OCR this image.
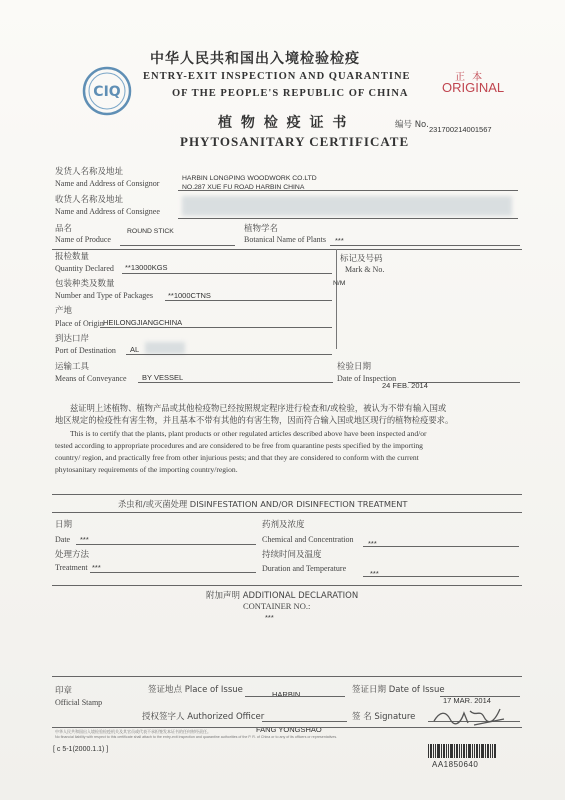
CIQ
中华人民共和国出入境检验检疫
ENTRY-EXIT INSPECTION AND QUARANTINE
OF THE PEOPLE'S REPUBLIC OF CHINA
正 本
ORIGINAL
植 物 检 疫 证 书
PHYTOSANITARY CERTIFICATE
编号 No. 231700214001567
发货人名称及地址
Name and Address of Consignor
HARBIN LONGPING WOODWORK CO.LTD
NO.287 XUE FU ROAD HARBIN CHINA
收货人名称及地址
Name and Address of Consignee
品名
Name of Produce
ROUND STICK	植物学名
Botanical Name of Plants ***
报检数量
Quantity Declared **13000KGS
标记及号码
Mark & No.
N/M
包装种类及数量
Number and Type of Packages **1000CTNS
产地
Place of Origin HEILONGJIANGCHINA
到达口岸
Port of Destination AL
运输工具
Means of Conveyance BY VESSEL
检验日期
Date of Inspection
24 FEB. 2014
兹证明上述植物、植物产品或其他检疫物已经按照规定程序进行检查和/或检验，被认为不带有输入国或
地区规定的检疫性有害生物，并且基本不带有其他的有害生物，因而符合输入国或地区现行的植物检疫要求。
This is to certify that the plants, plant products or other regulated articles described above have been inspected and/or
tested according to appropriate procedures and are considered to be free from quarantine pests specified by the importing
country/ region, and practically free from other injurious pests; and that they are considered to conform with the current
phytosanitary requirements of the importing country/region.
杀虫和/或灭菌处理 DISINFESTATION AND/OR DISINFECTION TREATMENT
日期
Date ***
药剂及浓度
Chemical and Concentration ***
处理方法
Treatment ***
持续时间及温度
Duration and Temperature
***
附加声明 ADDITIONAL DECLARATION
CONTAINER NO.:
***
印章
Official Stamp
签证地点 Place of Issue	HARBIN	签证日期 Date of Issue
17 MAR. 2014
授权签字人 Authorized Officer
FANG YONGSHAO
签 名 Signature
中华人民共和国出入境检验检疫机关及其官员或代表不承担签发本证书的任何财经责任。
No financial liability with respect to this certificate shall attach to the entry-exit inspection and quarantine authorities of the P. R. of China or to any of its officers or representatives.
[ c 5-1(2000.1.1) ]
AA1850640
